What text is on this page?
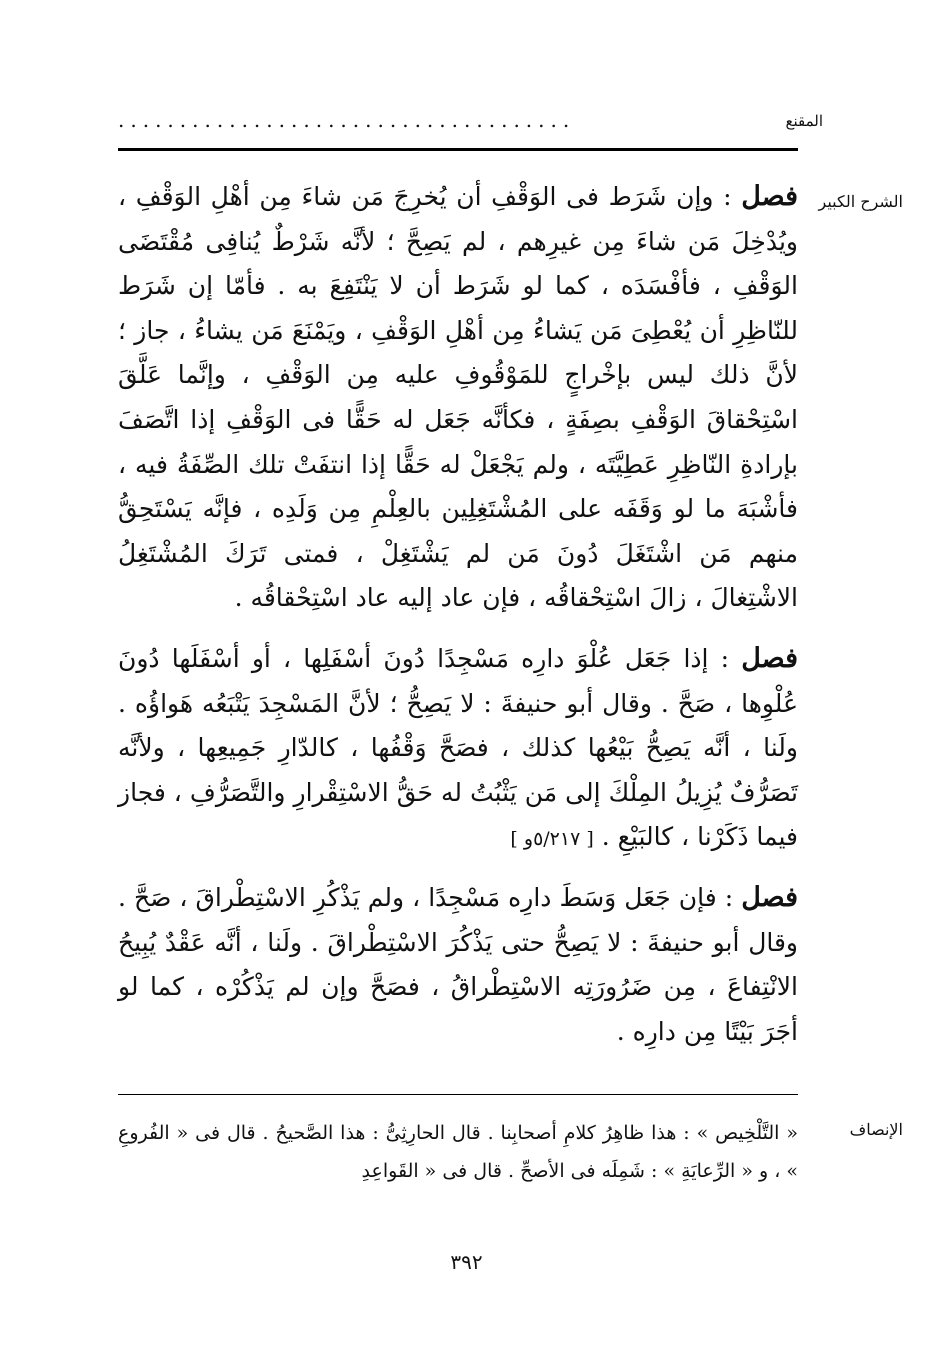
المقنع
.....................................
الشرح الكبير

فصل : وإن شَرَط فى الوَقْفِ أن يُخرِجَ مَن شاءَ مِن أهْلِ الوَقْفِ ، ويُدْخِلَ مَن شاءَ مِن غيرِهم ، لم يَصِحَّ ؛ لأنَّه شَرْطٌ يُنافِى مُقْتَضَى الوَقْفِ ، فأفْسَدَه ، كما لو شَرَط أن لا يَنْتَفِعَ به . فأمّا إن شَرَط للنّاظِرِ أن يُعْطِىَ مَن يَشاءُ مِن أهْلِ الوَقْفِ ، ويَمْنَعَ مَن يشاءُ ، جاز ؛ لأنَّ ذلك ليس بإخْراجٍ للمَوْقُوفِ عليه مِن الوَقْفِ ، وإنَّما عَلَّقَ اسْتِحْقاقَ الوَقْفِ بصِفَةٍ ، فكأنَّه جَعَل له حَقًّا فى الوَقْفِ إذا اتَّصَفَ بإرادةِ النّاظِرِ عَطِيَّتَه ، ولم يَجْعَلْ له حَقًّا إذا انتفَتْ تلك الصِّفَةُ فيه ، فأشْبَهَ ما لو وَقَفَه على المُشْتَغِلِين بالعِلْمِ مِن وَلَدِه ، فإنَّه يَسْتَحِقُّ منهم مَن اشْتَغَلَ دُونَ مَن لم يَشْتَغِلْ ، فمتى تَرَكَ المُشْتَغِلُ الاشْتِغالَ ، زالَ اسْتِحْقاقُه ، فإن عاد إليه عاد اسْتِحْقاقُه .

فصل : إذا جَعَل عُلْوَ دارِه مَسْجِدًا دُونَ أسْفَلِها ، أو أسْفَلَها دُونَ عُلْوِها ، صَحَّ . وقال أبو حنيفةَ : لا يَصِحُّ ؛ لأنَّ المَسْجِدَ يَتْبَعُه هَواؤُه . ولَنا ، أنَّه يَصِحُّ بَيْعُها كذلك ، فصَحَّ وَقْفُها ، كالدّارِ جَمِيعِها ، ولأنَّه تَصَرُّفٌ يُزِيلُ المِلْكَ إلى مَن يَثْبُتُ له حَقُّ الاسْتِقْرارِ والتَّصَرُّفِ ، فجاز فيما ذَكَرْنا ، كالبَيْعِ . [ ٥/٢١٧و ]

فصل : فإن جَعَل وَسَطَ دارِه مَسْجِدًا ، ولم يَذْكُرِ الاسْتِطْراقَ ، صَحَّ . وقال أبو حنيفةَ : لا يَصِحُّ حتى يَذْكُرَ الاسْتِطْراقَ . ولَنا ، أنَّه عَقْدٌ يُبِيحُ الانْتِفاعَ ، مِن ضَرُورَتِه الاسْتِطْراقُ ، فصَحَّ وإن لم يَذْكُرْه ، كما لو أجَرَ بَيْتًا مِن دارِه .

الإنصاف

« التَّلْخِيص » : هذا ظاهِرُ كلامِ أصحابِنا . قال الحارِثِىُّ : هذا الصَّحيحُ . قال فى « الفُروعِ » ، و « الرِّعايَةِ » : شَمِلَه فى الأصحِّ . قال فى « القَواعِدِ

٣٩٢
